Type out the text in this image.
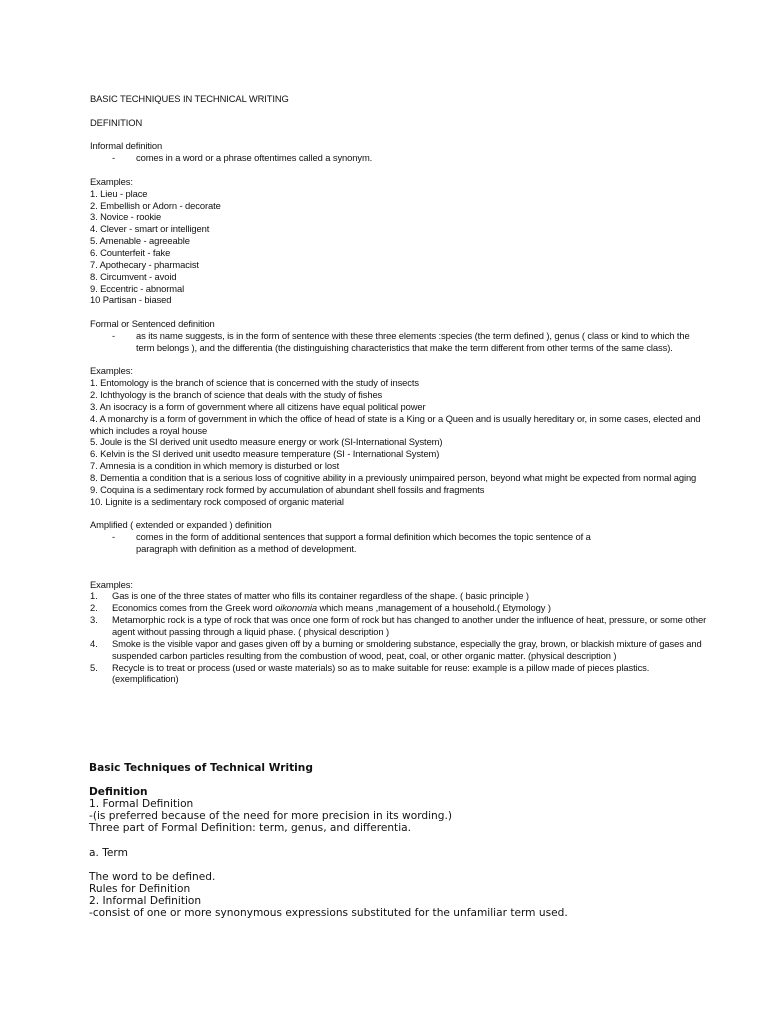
BASIC TECHNIQUES IN TECHNICAL WRITING
DEFINITION
Informal definition
- comes in a word or a phrase oftentimes called a synonym.
Examples:
1. Lieu - place
2. Embellish or Adorn - decorate
3. Novice - rookie
4. Clever - smart or intelligent
5. Amenable - agreeable
6. Counterfeit - fake
7. Apothecary - pharmacist
8. Circumvent - avoid
9. Eccentric - abnormal
10 Partisan - biased
Formal or Sentenced definition
- as its name suggests, is in the form of sentence with these three elements :species (the term defined ), genus ( class or kind to which the term belongs ), and the differentia (the distinguishing characteristics that make the term different from other terms of the same class).
Examples:
1. Entomology is the branch of science that is concerned with the study of insects
2. Ichthyology is the branch of science that deals with the study of fishes
3. An isocracy is a form of government where all citizens have equal political power
4. A monarchy is a form of government in which the office of head of state is a King or a Queen and is usually hereditary or, in some cases, elected and which includes a royal house
5. Joule is the SI derived unit usedto measure energy or work (SI-International System)
6. Kelvin is the SI derived unit usedto measure temperature (SI - International System)
7. Amnesia is a condition in which memory is disturbed or lost
8. Dementia a condition that is a serious loss of cognitive ability in a previously unimpaired person, beyond what might be expected from normal aging
9. Coquina is a sedimentary rock formed by accumulation of abundant shell fossils and fragments
10. Lignite is a sedimentary rock composed of organic material
Amplified ( extended or expanded ) definition
- comes in the form of additional sentences that support a formal definition which becomes the topic sentence of a paragraph with definition as a method of development.
Examples:
1. Gas is one of the three states of matter who fills its container regardless of the shape. ( basic principle )
2. Economics comes from the Greek word oikonomia which means ,management of a household.( Etymology )
3. Metamorphic rock is a type of rock that was once one form of rock but has changed to another under the influence of heat, pressure, or some other agent without passing through a liquid phase. ( physical description )
4. Smoke is the visible vapor and gases given off by a burning or smoldering substance, especially the gray, brown, or blackish mixture of gases and suspended carbon particles resulting from the combustion of wood, peat, coal, or other organic matter. (physical description )
5. Recycle is to treat or process (used or waste materials) so as to make suitable for reuse: example is a pillow made of pieces plastics. (exemplification)
Basic Techniques of Technical Writing
Definition
1. Formal Definition
-(is preferred because of the need for more precision in its wording.)
Three part of Formal Definition: term, genus, and differentia.
a. Term
The word to be defined.
Rules for Definition
2. Informal Definition
-consist of one or more synonymous expressions substituted for the unfamiliar term used.
